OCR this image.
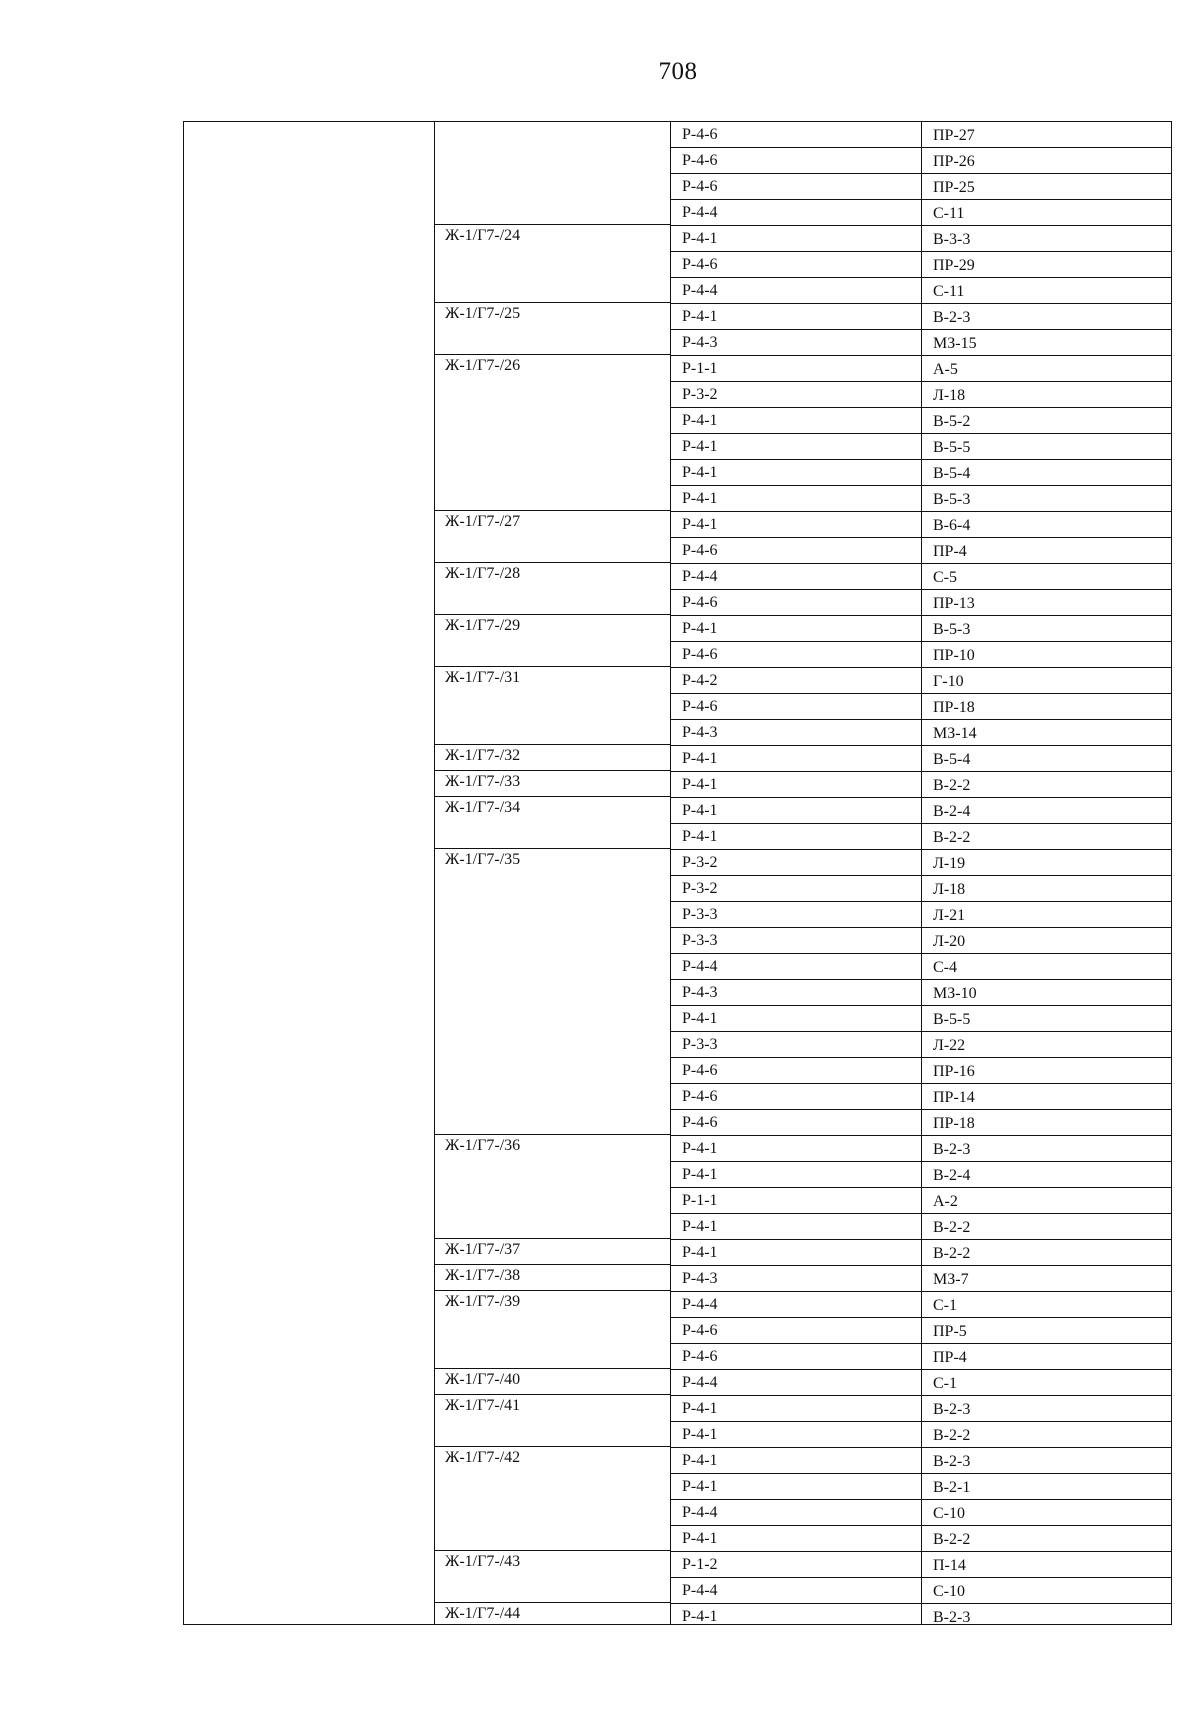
708
Р-4-6	ПР-27
Р-4-6	ПР-26
Р-4-6	ПР-25
Р-4-4	С-11
Ж-1/Г7-/24	Р-4-1	В-3-3
Р-4-6	ПР-29
Р-4-4	С-11
Ж-1/Г7-/25	Р-4-1	В-2-3
Р-4-3	МЗ-15
Ж-1/Г7-/26	Р-1-1	А-5
Р-3-2	Л-18
Р-4-1	В-5-2
Р-4-1	В-5-5
Р-4-1	В-5-4
Р-4-1	В-5-3
Ж-1/Г7-/27	Р-4-1	В-6-4
Р-4-6	ПР-4
Ж-1/Г7-/28	Р-4-4	С-5
Р-4-6	ПР-13
Ж-1/Г7-/29	Р-4-1	В-5-3
Р-4-6	ПР-10
Ж-1/Г7-/31	Р-4-2	Г-10
Р-4-6	ПР-18
Р-4-3	МЗ-14
Ж-1/Г7-/32	Р-4-1	В-5-4
Ж-1/Г7-/33	Р-4-1	В-2-2
Ж-1/Г7-/34	Р-4-1	В-2-4
Р-4-1	В-2-2
Ж-1/Г7-/35	Р-3-2	Л-19
Р-3-2	Л-18
Р-3-3	Л-21
Р-3-3	Л-20
Р-4-4	С-4
Р-4-3	МЗ-10
Р-4-1	В-5-5
Р-3-3	Л-22
Р-4-6	ПР-16
Р-4-6	ПР-14
Р-4-6	ПР-18
Ж-1/Г7-/36	Р-4-1	В-2-3
Р-4-1	В-2-4
Р-1-1	А-2
Р-4-1	В-2-2
Ж-1/Г7-/37	Р-4-1	В-2-2
Ж-1/Г7-/38	Р-4-3	МЗ-7
Ж-1/Г7-/39	Р-4-4	С-1
Р-4-6	ПР-5
Р-4-6	ПР-4
Ж-1/Г7-/40	Р-4-4	С-1
Ж-1/Г7-/41	Р-4-1	В-2-3
Р-4-1	В-2-2
Ж-1/Г7-/42	Р-4-1	В-2-3
Р-4-1	В-2-1
Р-4-4	С-10
Р-4-1	В-2-2
Ж-1/Г7-/43	Р-1-2	П-14
Р-4-4	С-10
Ж-1/Г7-/44	Р-4-1	В-2-3
